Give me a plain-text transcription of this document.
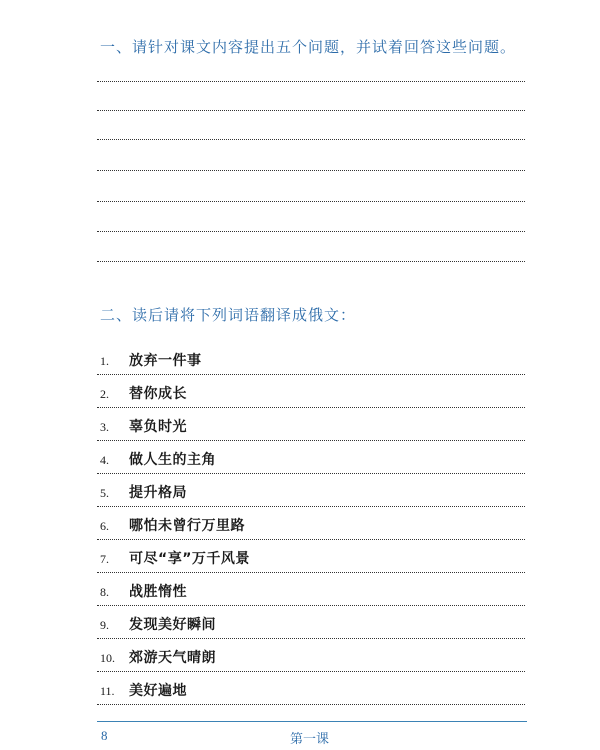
一、请针对课文内容提出五个问题，并试着回答这些问题。
二、读后请将下列词语翻译成俄文：
1. 放弃一件事
2. 替你成长
3. 辜负时光
4. 做人生的主角
5. 提升格局
6. 哪怕未曾行万里路
7. 可尽“享”万千风景
8. 战胜惰性
9. 发现美好瞬间
10. 郊游天气晴朗
11. 美好遍地
8	第一课
